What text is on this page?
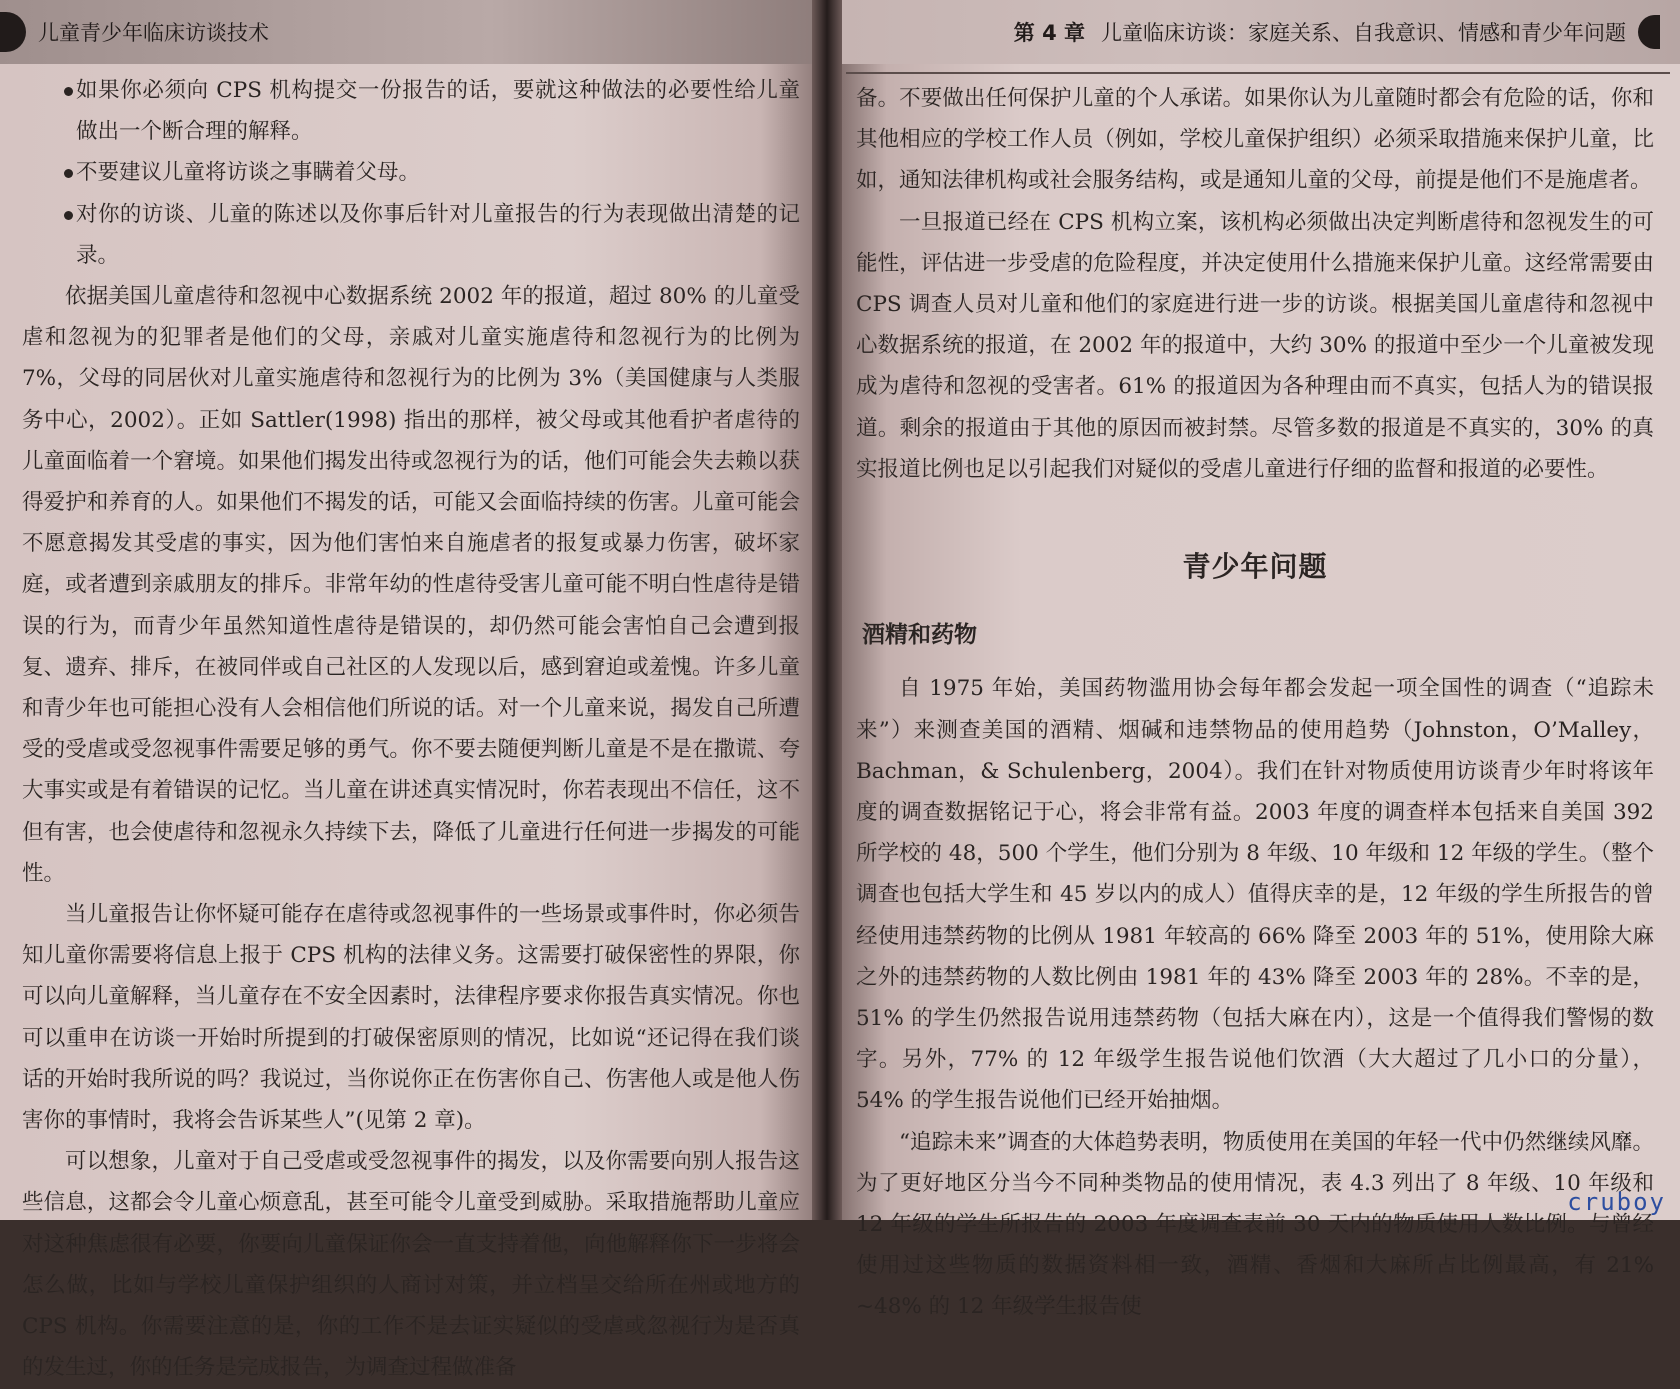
儿童青少年临床访谈技术
如果你必须向 CPS 机构提交一份报告的话，要就这种做法的必要性给儿童做出一个断合理的解释。
不要建议儿童将访谈之事瞒着父母。
对你的访谈、儿童的陈述以及你事后针对儿童报告的行为表现做出清楚的记录。

依据美国儿童虐待和忽视中心数据系统 2002 年的报道，超过 80% 的儿童受虐和忽视为的犯罪者是他们的父母，亲戚对儿童实施虐待和忽视行为的比例为 7%，父母的同居伙对儿童实施虐待和忽视行为的比例为 3%（美国健康与人类服务中心，2002）。正如 Sattler(1998) 指出的那样，被父母或其他看护者虐待的儿童面临着一个窘境。如果他们揭发出待或忽视行为的话，他们可能会失去赖以获得爱护和养育的人。如果他们不揭发的话，可能又会面临持续的伤害。儿童可能会不愿意揭发其受虐的事实，因为他们害怕来自施虐者的报复或暴力伤害，破坏家庭，或者遭到亲戚朋友的排斥。非常年幼的性虐待受害儿童可能不明白性虐待是错误的行为，而青少年虽然知道性虐待是错误的，却仍然可能会害怕自己会遭到报复、遗弃、排斥，在被同伴或自己社区的人发现以后，感到窘迫或羞愧。许多儿童和青少年也可能担心没有人会相信他们所说的话。对一个儿童来说，揭发自己所遭受的受虐或受忽视事件需要足够的勇气。你不要去随便判断儿童是不是在撒谎、夸大事实或是有着错误的记忆。当儿童在讲述真实情况时，你若表现出不信任，这不但有害，也会使虐待和忽视永久持续下去，降低了儿童进行任何进一步揭发的可能性。

当儿童报告让你怀疑可能存在虐待或忽视事件的一些场景或事件时，你必须告知儿童你需要将信息上报于 CPS 机构的法律义务。这需要打破保密性的界限，你可以向儿童解释，当儿童存在不安全因素时，法律程序要求你报告真实情况。你也可以重申在访谈一开始时所提到的打破保密原则的情况，比如说“还记得在我们谈话的开始时我所说的吗？我说过，当你说你正在伤害你自己、伤害他人或是他人伤害你的事情时，我将会告诉某些人”(见第 2 章)。

可以想象，儿童对于自己受虐或受忽视事件的揭发，以及你需要向别人报告这些信息，这都会令儿童心烦意乱，甚至可能令儿童受到威胁。采取措施帮助儿童应对这种焦虑很有必要，你要向儿童保证你会一直支持着他，向他解释你下一步将会怎么做，比如与学校儿童保护组织的人商讨对策，并立档呈交给所在州或地方的 CPS 机构。你需要注意的是，你的工作不是去证实疑似的受虐或忽视行为是否真的发生过，你的任务是完成报告，为调查过程做准备

第 4 章 儿童临床访谈：家庭关系、自我意识、情感和青少年问题

备。不要做出任何保护儿童的个人承诺。如果你认为儿童随时都会有危险的话，你和其他相应的学校工作人员（例如，学校儿童保护组织）必须采取措施来保护儿童，比如，通知法律机构或社会服务结构，或是通知儿童的父母，前提是他们不是施虐者。

一旦报道已经在 CPS 机构立案，该机构必须做出决定判断虐待和忽视发生的可能性，评估进一步受虐的危险程度，并决定使用什么措施来保护儿童。这经常需要由 CPS 调查人员对儿童和他们的家庭进行进一步的访谈。根据美国儿童虐待和忽视中心数据系统的报道，在 2002 年的报道中，大约 30% 的报道中至少一个儿童被发现成为虐待和忽视的受害者。61% 的报道因为各种理由而不真实，包括人为的错误报道。剩余的报道由于其他的原因而被封禁。尽管多数的报道是不真实的，30% 的真实报道比例也足以引起我们对疑似的受虐儿童进行仔细的监督和报道的必要性。

青少年问题
酒精和药物

自 1975 年始，美国药物滥用协会每年都会发起一项全国性的调查（“追踪未来”）来测查美国的酒精、烟碱和违禁物品的使用趋势（Johnston，O’Malley，Bachman，& Schulenberg，2004）。我们在针对物质使用访谈青少年时将该年度的调查数据铭记于心，将会非常有益。2003 年度的调查样本包括来自美国 392 所学校的 48，500 个学生，他们分别为 8 年级、10 年级和 12 年级的学生。（整个调查也包括大学生和 45 岁以内的成人）值得庆幸的是，12 年级的学生所报告的曾经使用违禁药物的比例从 1981 年较高的 66% 降至 2003 年的 51%，使用除大麻之外的违禁药物的人数比例由 1981 年的 43% 降至 2003 年的 28%。不幸的是，51% 的学生仍然报告说用违禁药物（包括大麻在内），这是一个值得我们警惕的数字。另外，77% 的 12 年级学生报告说他们饮酒（大大超过了几小口的分量），54% 的学生报告说他们已经开始抽烟。

“追踪未来”调查的大体趋势表明，物质使用在美国的年轻一代中仍然继续风靡。为了更好地区分当今不同种类物品的使用情况，表 4.3 列出了 8 年级、10 年级和 12 年级的学生所报告的 2003 年度调查表前 30 天内的物质使用人数比例。与曾经使用过这些物质的数据资料相一致，酒精、香烟和大麻所占比例最高，有 21% ~48% 的 12 年级学生报告使

cruboy
